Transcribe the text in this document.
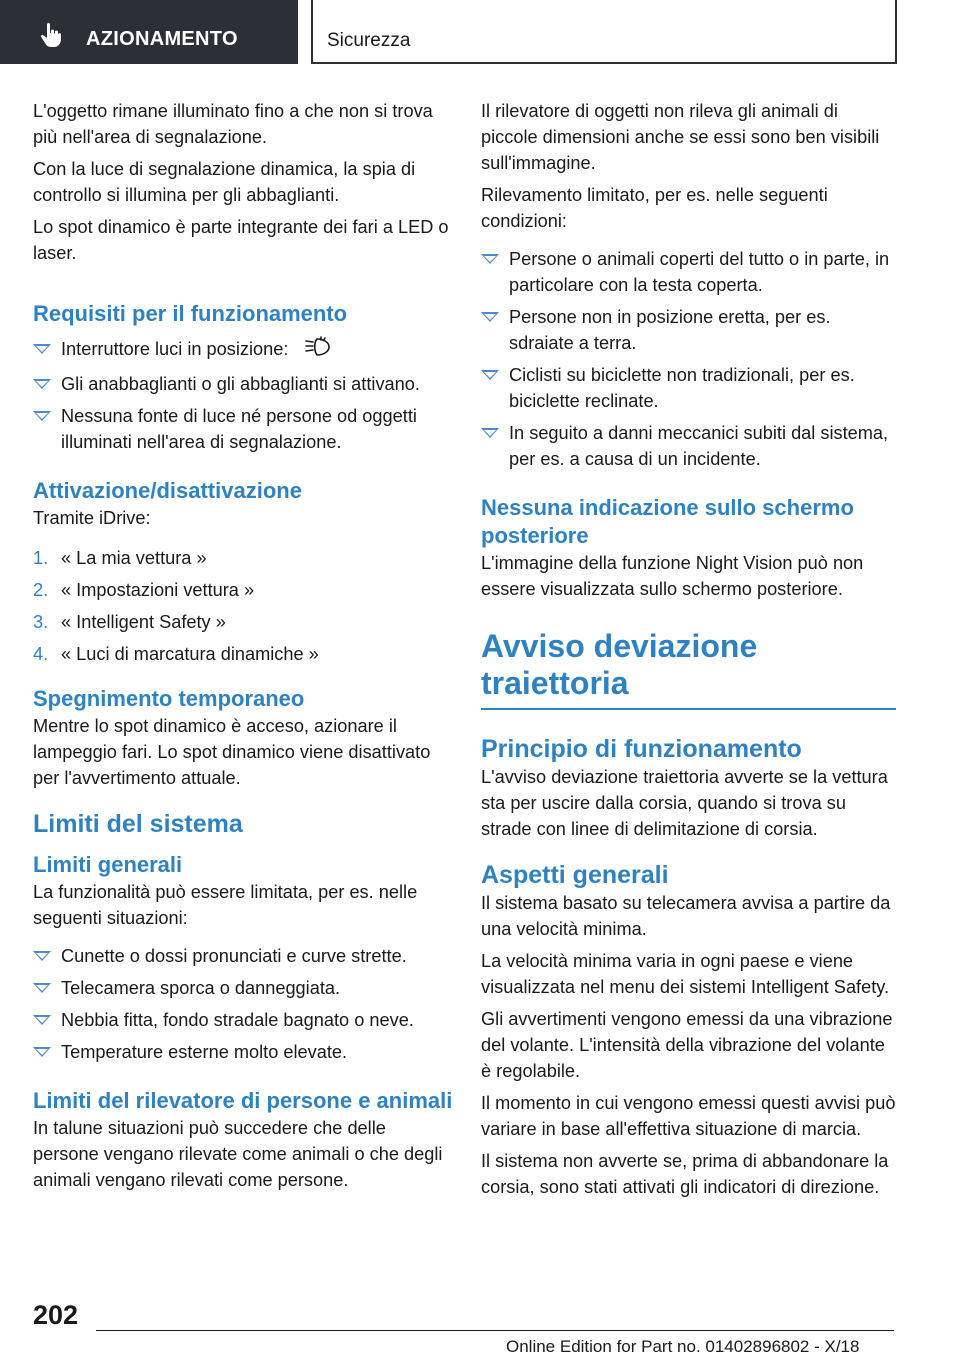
AZIONAMENTO	Sicurezza

L'oggetto rimane illuminato fino a che non si trova più nell'area di segnalazione.

Con la luce di segnalazione dinamica, la spia di controllo si illumina per gli abbaglianti.

Lo spot dinamico è parte integrante dei fari a LED o laser.

Requisiti per il funzionamento
Interruttore luci in posizione:
Gli anabbaglianti o gli abbaglianti si attivano.
Nessuna fonte di luce né persone od oggetti illuminati nell'area di segnalazione.
Attivazione/disattivazione

Tramite iDrive:

1. « La mia vettura »
2. « Impostazioni vettura »
3. « Intelligent Safety »
4. « Luci di marcatura dinamiche »
Spegnimento temporaneo

Mentre lo spot dinamico è acceso, azionare il lampeggio fari. Lo spot dinamico viene disattivato per l'avvertimento attuale.

Limiti del sistema
Limiti generali

La funzionalità può essere limitata, per es. nelle seguenti situazioni:

Cunette o dossi pronunciati e curve strette.
Telecamera sporca o danneggiata.
Nebbia fitta, fondo stradale bagnato o neve.
Temperature esterne molto elevate.
Limiti del rilevatore di persone e animali

In talune situazioni può succedere che delle persone vengano rilevate come animali o che degli animali vengano rilevati come persone.

Il rilevatore di oggetti non rileva gli animali di piccole dimensioni anche se essi sono ben visibili sull'immagine.

Rilevamento limitato, per es. nelle seguenti condizioni:

Persone o animali coperti del tutto o in parte, in particolare con la testa coperta.
Persone non in posizione eretta, per es. sdraiate a terra.
Ciclisti su biciclette non tradizionali, per es. biciclette reclinate.
In seguito a danni meccanici subiti dal sistema, per es. a causa di un incidente.
Nessuna indicazione sullo schermo posteriore

L'immagine della funzione Night Vision può non essere visualizzata sullo schermo posteriore.

Avviso deviazione traiettoria
Principio di funzionamento

L'avviso deviazione traiettoria avverte se la vettura sta per uscire dalla corsia, quando si trova su strade con linee di delimitazione di corsia.

Aspetti generali

Il sistema basato su telecamera avvisa a partire da una velocità minima.

La velocità minima varia in ogni paese e viene visualizzata nel menu dei sistemi Intelligent Safety.

Gli avvertimenti vengono emessi da una vibrazione del volante. L'intensità della vibrazione del volante è regolabile.

Il momento in cui vengono emessi questi avvisi può variare in base all'effettiva situazione di marcia.

Il sistema non avverte se, prima di abbandonare la corsia, sono stati attivati gli indicatori di direzione.

202
Online Edition for Part no. 01402896802 - X/18
